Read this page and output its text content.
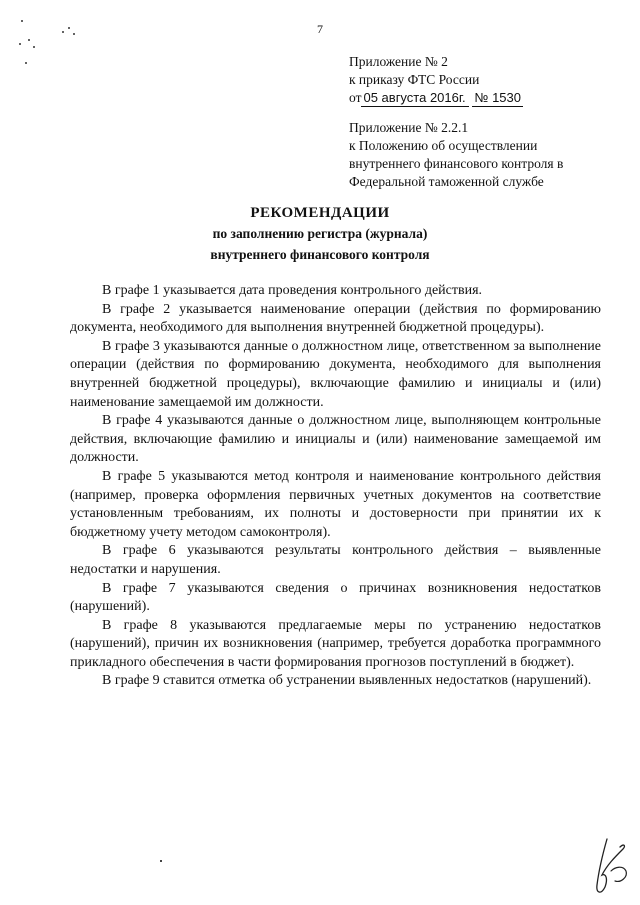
7
Приложение № 2
к приказу ФТС России
от 05 августа 2016г. № 1530
Приложение № 2.2.1
к Положению об осуществлении
внутреннего финансового контроля в
Федеральной таможенной службе
РЕКОМЕНДАЦИИ
по заполнению регистра (журнала)
внутреннего финансового контроля

В графе 1 указывается дата проведения контрольного действия.

В графе 2 указывается наименование операции (действия по формированию документа, необходимого для выполнения внутренней бюджетной процедуры).

В графе 3 указываются данные о должностном лице, ответственном за выполнение операции (действия по формированию документа, необходимого для выполнения внутренней бюджетной процедуры), включающие фамилию и инициалы и (или) наименование замещаемой им должности.

В графе 4 указываются данные о должностном лице, выполняющем контрольные действия, включающие фамилию и инициалы и (или) наименование замещаемой им должности.

В графе 5 указываются метод контроля и наименование контрольного действия (например, проверка оформления первичных учетных документов на соответствие установленным требованиям, их полноты и достоверности при принятии их к бюджетному учету методом самоконтроля).

В графе 6 указываются результаты контрольного действия – выявленные недостатки и нарушения.

В графе 7 указываются сведения о причинах возникновения недостатков (нарушений).

В графе 8 указываются предлагаемые меры по устранению недостатков (нарушений), причин их возникновения (например, требуется доработка программного прикладного обеспечения в части формирования прогнозов поступлений в бюджет).

В графе 9 ставится отметка об устранении выявленных недостатков (нарушений).
